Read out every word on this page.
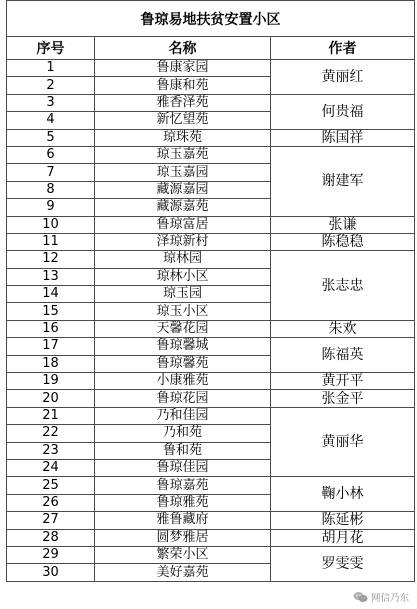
鲁琼易地扶贫安置小区		
序号	名称	作者
1	鲁康家园	黄丽红
2	鲁康和苑	
3	雅香泽苑	何贵福
4	新忆望苑	
5	琼珠苑	陈国祥
6	琼玉嘉苑	谢建军
7	琼玉嘉园	
8	藏源嘉园	
9	藏源嘉苑	
10	鲁琼富居	张谦
11	泽琼新村	陈稳稳
12	琼林园	张志忠
13	琼林小区	
14	琼玉园	
15	琼玉小区	
16	天馨花园	朱欢
17	鲁琼馨城	陈福英
18	鲁琼馨苑	
19	小康雅苑	黄开平
20	鲁琼花园	张金平
21	乃和佳园	黄丽华
22	乃和苑	
23	鲁和苑	
24	鲁琼佳园	
25	鲁琼嘉苑	鞠小林
26	鲁琼雅苑	
27	雅鲁藏府	陈延彬
28	圆梦雅居	胡月花
29	繁荣小区	罗雯雯
30	美好嘉苑	
网信乃东
